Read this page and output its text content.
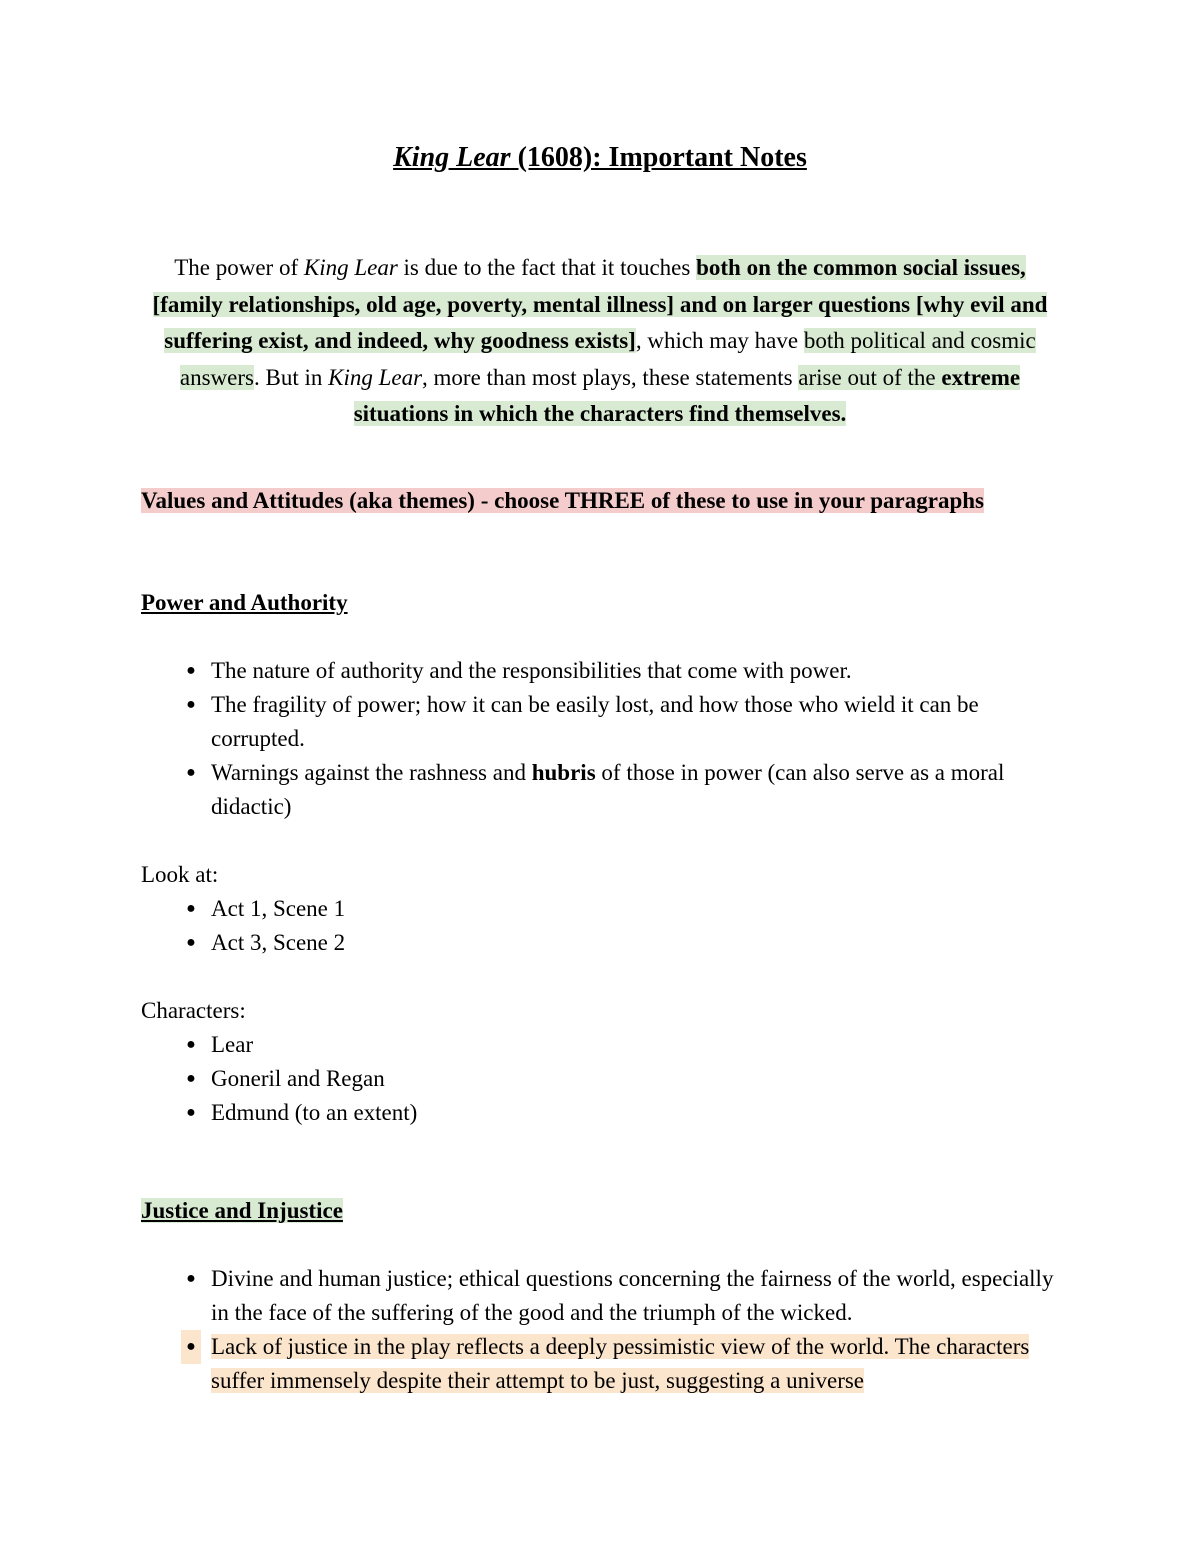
King Lear (1608): Important Notes

The power of King Lear is due to the fact that it touches both on the common social issues, [family relationships, old age, poverty, mental illness] and on larger questions [why evil and suffering exist, and indeed, why goodness exists], which may have both political and cosmic answers. But in King Lear, more than most plays, these statements arise out of the extreme situations in which the characters find themselves.

Values and Attitudes (aka themes) - choose THREE of these to use in your paragraphs

Power and Authority
● The nature of authority and the responsibilities that come with power.
● The fragility of power; how it can be easily lost, and how those who wield it can be corrupted.
● Warnings against the rashness and hubris of those in power (can also serve as a moral didactic)
Look at:
● Act 1, Scene 1
● Act 3, Scene 2
Characters:
● Lear
● Goneril and Regan
● Edmund (to an extent)
Justice and Injustice
● Divine and human justice; ethical questions concerning the fairness of the world, especially in the face of the suffering of the good and the triumph of the wicked.
● Lack of justice in the play reflects a deeply pessimistic view of the world. The characters suffer immensely despite their attempt to be just, suggesting a universe
